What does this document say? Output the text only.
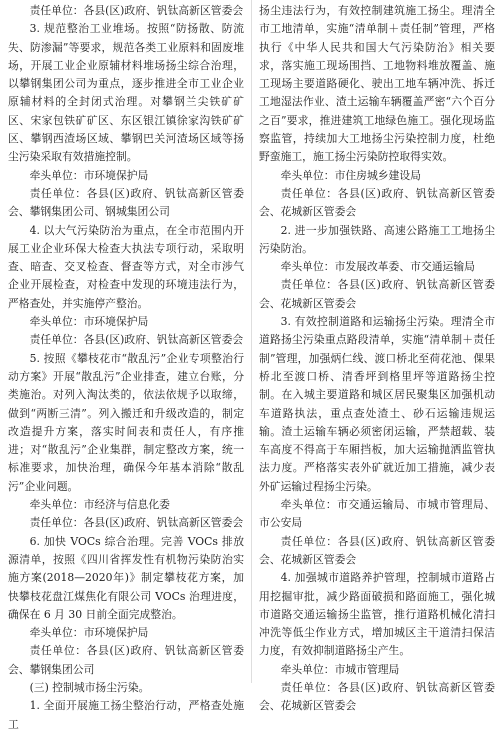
责任单位：各县(区)政府、钒钛高新区管委会

3. 规范整治工业堆场。按照“防扬散、防流失、防渗漏”等要求，规范各类工业原料和固废堆场，开展工业企业原辅材料堆场扬尘综合治理，以攀钢集团公司为重点，逐步推进全市工业企业原辅材料的全封闭式治理。对攀钢兰尖铁矿矿区、宋家包铁矿矿区、东区银江镇徐家沟铁矿矿区、攀钢西渣场区域、攀钢巴关河渣场区域等扬尘污染采取有效措施控制。

牵头单位：市环境保护局

责任单位：各县(区)政府、钒钛高新区管委会、攀钢集团公司、钢城集团公司

4. 以大气污染防治为重点，在全市范围内开展工业企业环保大检查大执法专项行动，采取明查、暗查、交叉检查、督查等方式，对全市涉气企业开展检查，对检查中发现的环境违法行为，严格查处，并实施停产整治。

牵头单位：市环境保护局

责任单位：各县(区)政府、钒钛高新区管委会

5. 按照《攀枝花市“散乱污”企业专项整治行动方案》开展“散乱污”企业排查，建立台账，分类施治。对列入淘汰类的，依法依规予以取缔，做到“两断三清”。列入搬迁和升级改造的，制定改造提升方案，落实时间表和责任人，有序推进；对“散乱污”企业集群，制定整改方案，统一标准要求，加快治理，确保今年基本消除“散乱污”企业问题。

牵头单位：市经济与信息化委

责任单位：各县(区)政府、钒钛高新区管委会

6. 加快 VOCs 综合治理。完善 VOCs 排放源清单，按照《四川省挥发性有机物污染防治实施方案(2018—2020年)》制定攀枝花方案，加快攀枝花盘江煤焦化有限公司 VOCs 治理进度，确保在 6 月 30 日前全面完成整治。

牵头单位：市环境保护局

责任单位：各县(区)政府、钒钛高新区管委会、攀钢集团公司

(三) 控制城市扬尘污染。

1. 全面开展施工扬尘整治行动，严格查处施工

扬尘违法行为，有效控制建筑施工扬尘。理清全市工地清单，实施“清单制＋责任制”管理，严格执行《中华人民共和国大气污染防治》相关要求，落实施工现场围挡、工地物料堆放覆盖、施工现场主要道路硬化、驶出工地车辆冲洗、拆迁工地湿法作业、渣土运输车辆覆盖严密“六个百分之百”要求，推进建筑工地绿色施工。强化现场监察监管，持续加大工地扬尘污染控制力度，杜绝野蛮施工，施工扬尘污染防控取得实效。

牵头单位：市住房城乡建设局

责任单位：各县(区)政府、钒钛高新区管委会、花城新区管委会

2. 进一步加强铁路、高速公路施工工地扬尘污染防治。

牵头单位：市发展改革委、市交通运输局

责任单位：各县(区)政府、钒钛高新区管委会、花城新区管委会

3. 有效控制道路和运输扬尘污染。理清全市道路扬尘污染重点路段清单，实施“清单制＋责任制”管理，加强炳仁线、渡口桥北至荷花池、倮果桥北至渡口桥、清香坪到格里坪等道路扬尘控制。在入城主要道路和城区居民聚集区加强机动车道路执法，重点查处渣土、砂石运输违规运输。渣土运输车辆必须密闭运输，严禁超载、装车高度不得高于车厢挡板，加大运输抛洒监管执法力度。严格落实表外矿就近加工措施，减少表外矿运输过程扬尘污染。

牵头单位：市交通运输局、市城市管理局、市公安局

责任单位：各县(区)政府、钒钛高新区管委会、花城新区管委会

4. 加强城市道路养护管理，控制城市道路占用挖掘审批，减少路面破损和路面施工，强化城市道路交通运输扬尘监管，推行道路机械化清扫冲洗等低尘作业方式，增加城区主干道清扫保洁力度，有效抑制道路扬尘产生。

牵头单位：市城市管理局

责任单位：各县(区)政府、钒钛高新区管委会、花城新区管委会
